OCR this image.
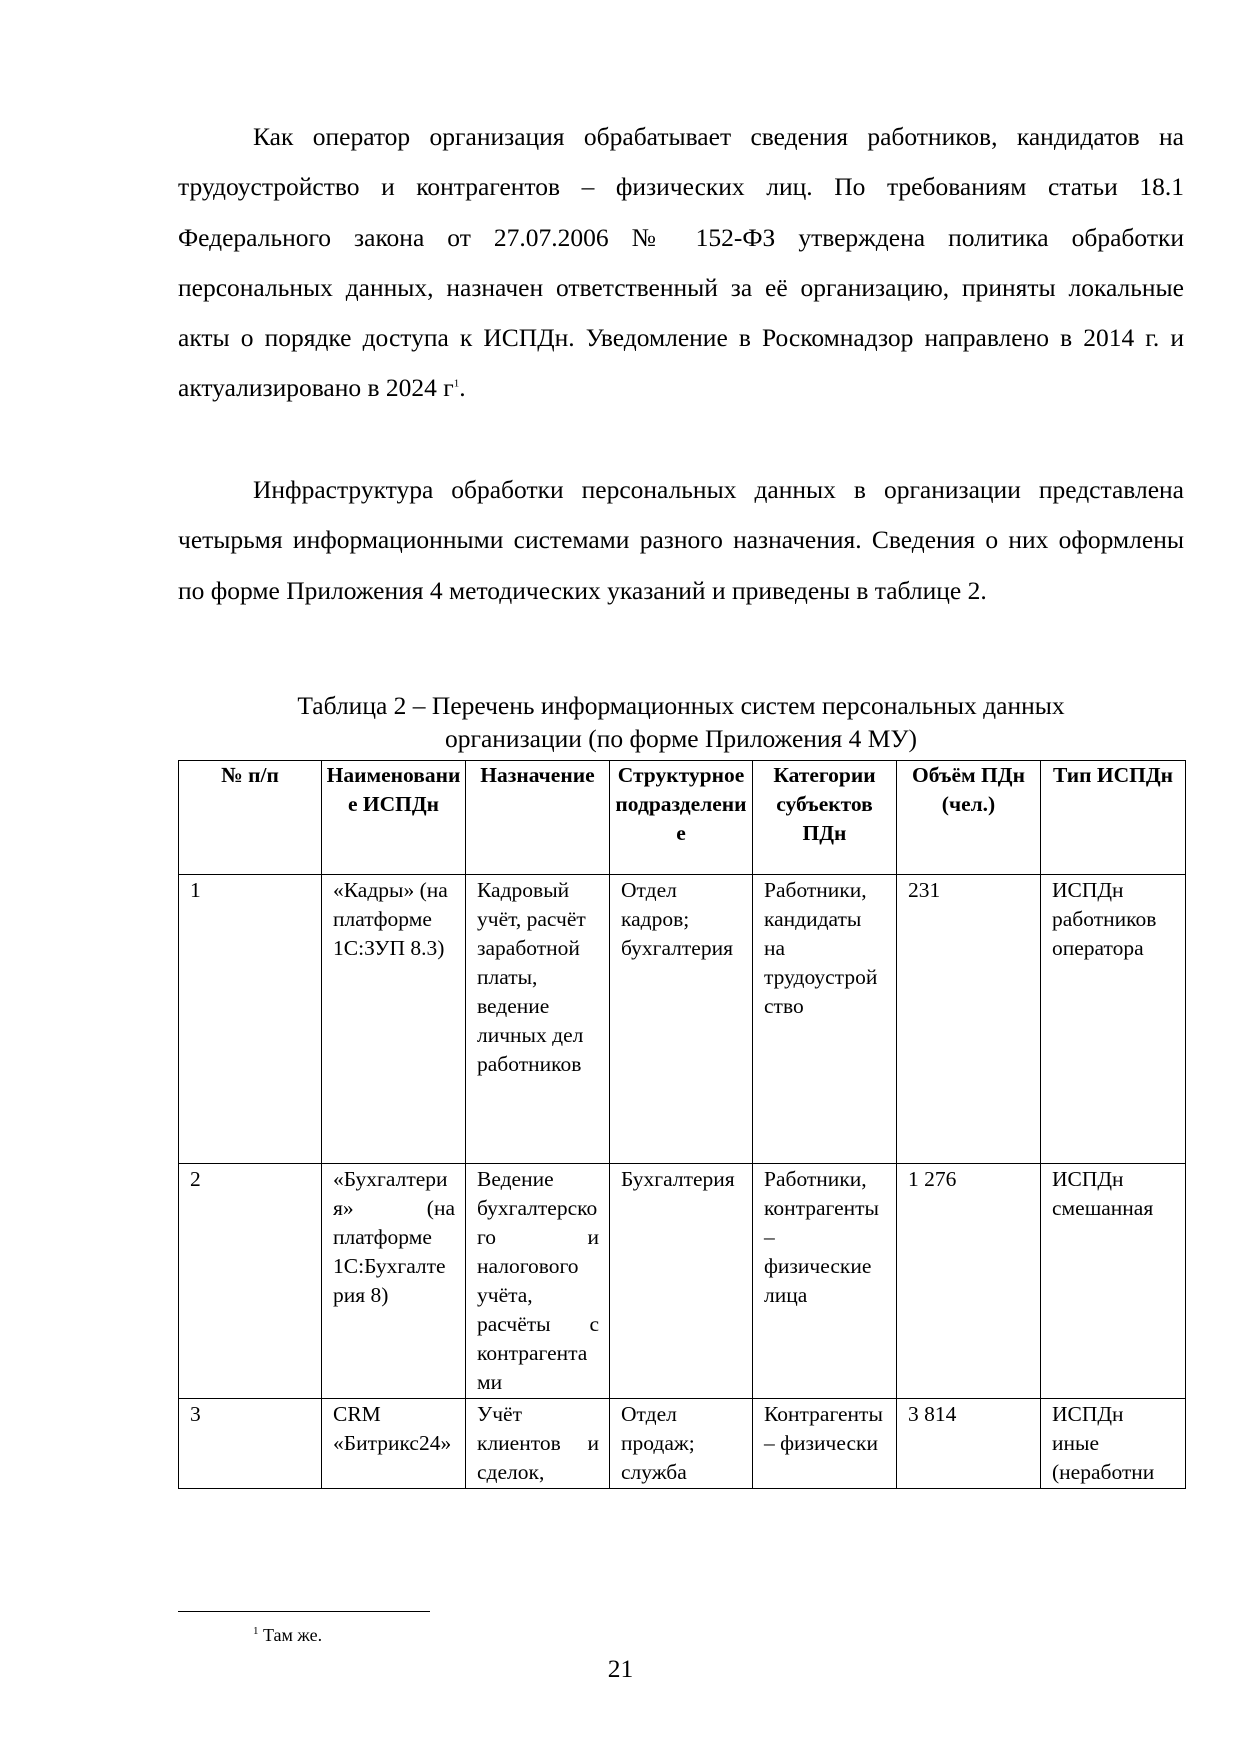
Как оператор организация обрабатывает сведения работников, кандидатов на трудоустройство и контрагентов – физических лиц. По требованиям статьи 18.1 Федерального закона от 27.07.2006 № 152-ФЗ утверждена политика обработки персональных данных, назначен ответственный за её организацию, приняты локальные акты о порядке доступа к ИСПДн. Уведомление в Роскомнадзор направлено в 2014 г. и актуализировано в 2024 г$^1$.

Инфраструктура обработки персональных данных в организации представлена четырьмя информационными системами разного назначения. Сведения о них оформлены по форме Приложения 4 методических указаний и приведены в таблице 2.

Таблица 2 – Перечень информационных систем персональных данных
организации (по форме Приложения 4 МУ)

№ п/п	Наименование ИСПДн	Назначение	Структурное подразделение	Категории субъектов ПДн	Объём ПДн (чел.)	Тип ИСПДн
1	«Кадры» (на платформе 1С:ЗУП 8.3)	Кадровый учёт, расчёт заработной платы, ведение личных дел работников	Отдел кадров; бухгалтерия	Работники, кандидаты на трудоустройство	231	ИСПДн работников оператора
2	«Бухгалтерия» (на платформе 1С:Бухгалтерия 8)	Ведение бухгалтерского и налогового учёта, расчёты с контрагентами	Бухгалтерия	Работники, контрагенты – физические лица	1 276	ИСПДн смешанная
3	CRM «Битрикс24»	Учёт клиентов и сделок,	Отдел продаж; служба	Контрагенты – физически	3 814	ИСПДн иные (неработни
$^1$ Там же.
21
